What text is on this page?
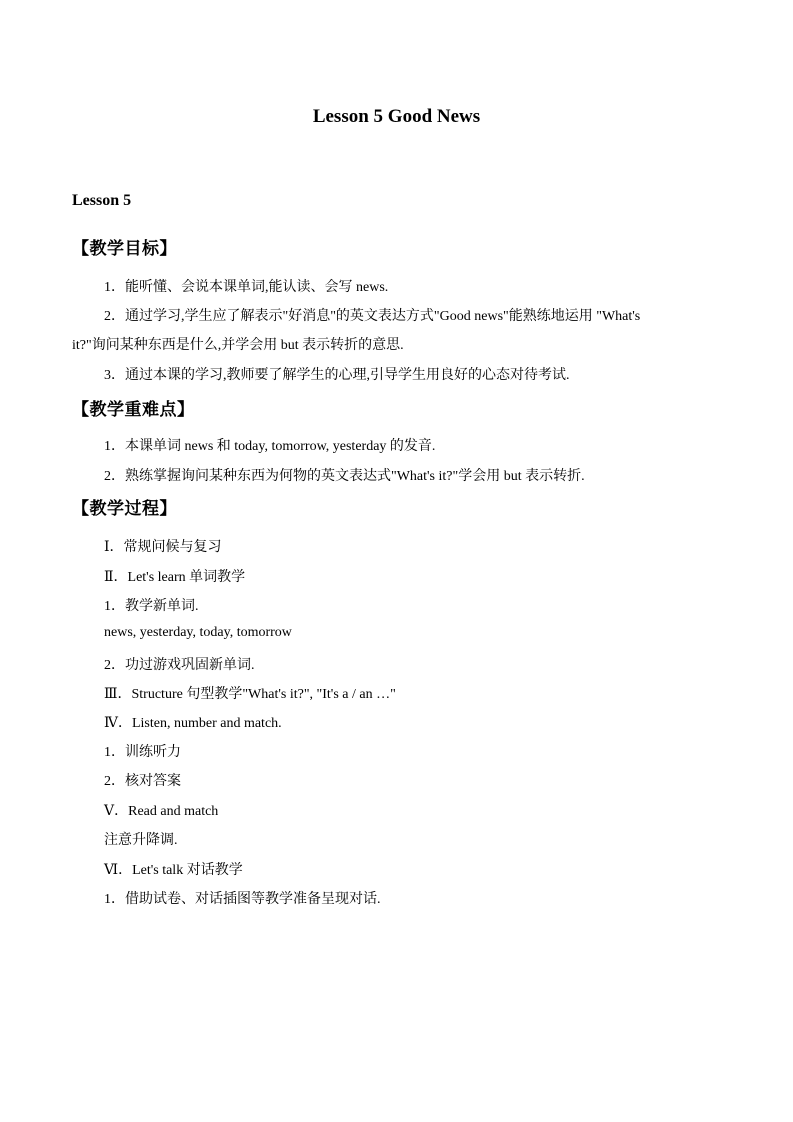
Lesson 5 Good News
Lesson 5
【教学目标】
1．能听懂、会说本课单词,能认读、会写 news.
2．通过学习,学生应了解表示"好消息"的英文表达方式"Good news"能熟练地运用 "What's
it?"询问某种东西是什么,并学会用 but 表示转折的意思.
3．通过本课的学习,教师要了解学生的心理,引导学生用良好的心态对待考试.
【教学重难点】
1．本课单词 news 和 today, tomorrow, yesterday 的发音.
2．熟练掌握询问某种东西为何物的英文表达式"What's it?"学会用 but 表示转折.
【教学过程】
Ⅰ．常规问候与复习
Ⅱ．Let's learn 单词教学
1．教学新单词.
news, yesterday, today, tomorrow
2．功过游戏巩固新单词.
Ⅲ．Structure 句型教学"What's it?", "It's a / an …"
Ⅳ．Listen, number and match.
1．训练听力
2．核对答案
Ⅴ．Read and match
注意升降调.
Ⅵ．Let's talk 对话教学
1．借助试卷、对话插图等教学准备呈现对话.
